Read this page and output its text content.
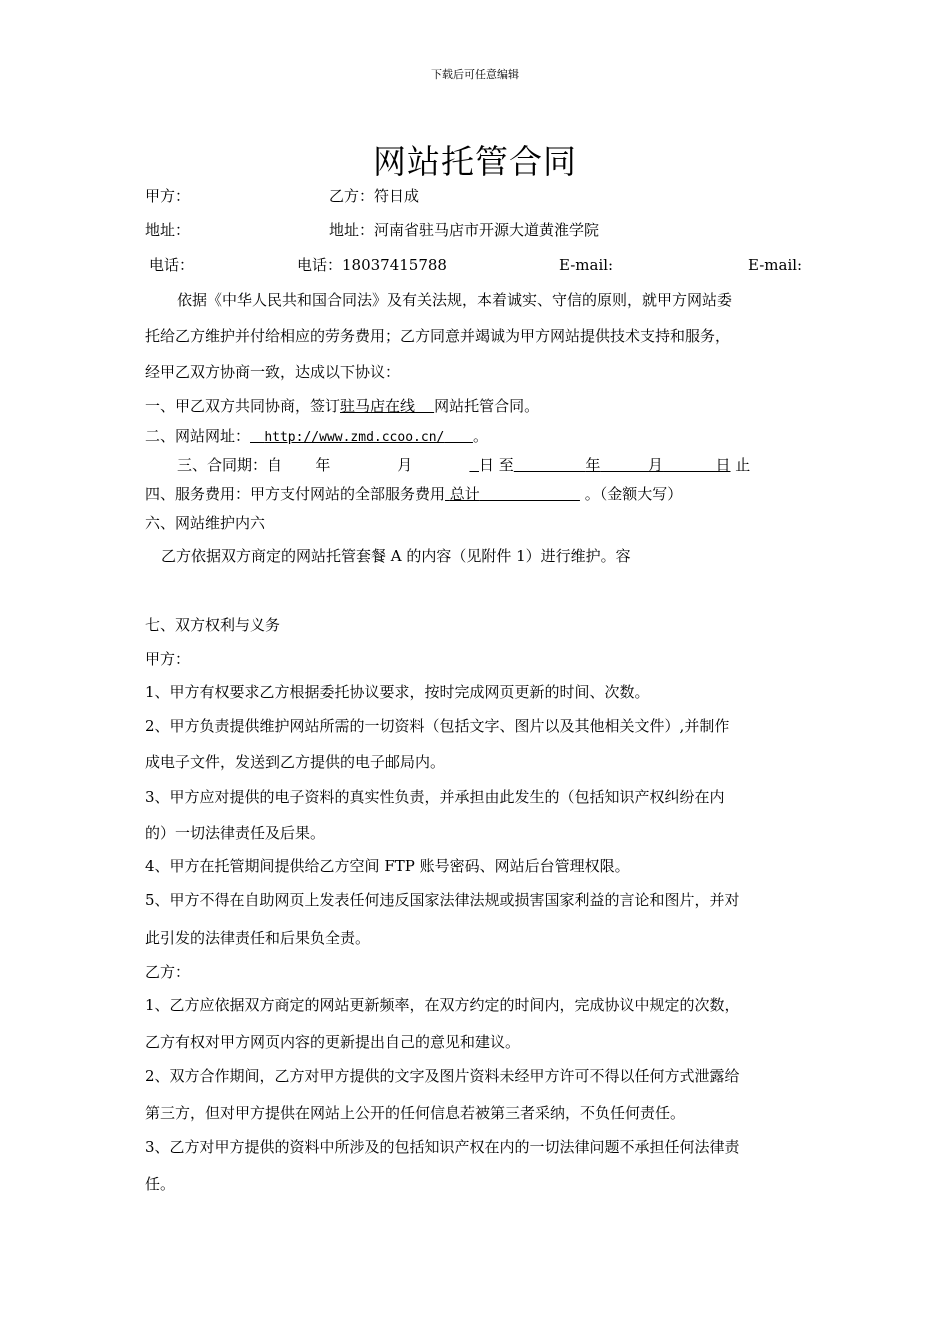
下载后可任意编辑
网站托管合同
甲方：	乙方：符日成
地址：	地址：河南省驻马店市开源大道黄淮学院
电话：	电话：18037415788	E-mail:	E-mail:
依据《中华人民共和国合同法》及有关法规，本着诚实、守信的原则，就甲方网站委
托给乙方维护并付给相应的劳务费用；乙方同意并竭诚为甲方网站提供技术支持和服务，
经甲乙双方协商一致，达成以下协议：
一、甲乙双方共同协商，签订驻马店在线 网站托管合同。
二、网站网址： http://www.zmd.ccoo.cn/ 。
三、合同期：自 年	月	日 至	年	月	日 止
四、服务费用：甲方支付网站的全部服务费用 总计	。（金额大写）
六、网站维护内六
乙方依据双方商定的网站托管套餐 A 的内容（见附件 1）进行维护。容
七、双方权利与义务
甲方：
1、甲方有权要求乙方根据委托协议要求，按时完成网页更新的时间、次数。
2、甲方负责提供维护网站所需的一切资料（包括文字、图片以及其他相关文件）,并制作
成电子文件，发送到乙方提供的电子邮局内。
3、甲方应对提供的电子资料的真实性负责，并承担由此发生的（包括知识产权纠纷在内
的）一切法律责任及后果。
4、甲方在托管期间提供给乙方空间 FTP 账号密码、网站后台管理权限。
5、甲方不得在自助网页上发表任何违反国家法律法规或损害国家利益的言论和图片，并对
此引发的法律责任和后果负全责。
乙方：
1、乙方应依据双方商定的网站更新频率，在双方约定的时间内，完成协议中规定的次数，
乙方有权对甲方网页内容的更新提出自己的意见和建议。
2、双方合作期间，乙方对甲方提供的文字及图片资料未经甲方许可不得以任何方式泄露给
第三方，但对甲方提供在网站上公开的任何信息若被第三者采纳，不负任何责任。
3、乙方对甲方提供的资料中所涉及的包括知识产权在内的一切法律问题不承担任何法律责
任。
